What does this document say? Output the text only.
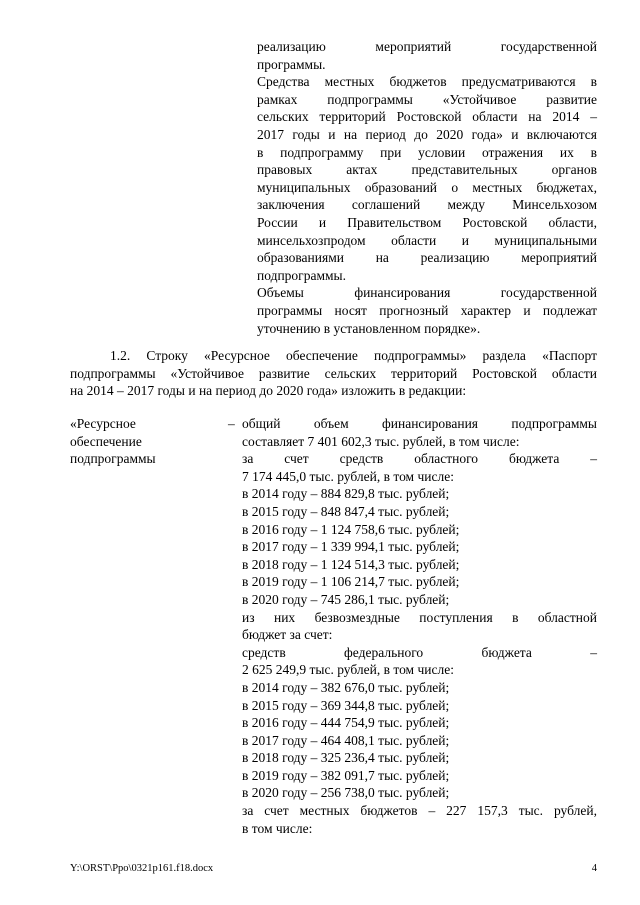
реализацию мероприятий государственной
программы.
Средства местных бюджетов предусматриваются в
рамках подпрограммы «Устойчивое развитие
сельских территорий Ростовской области на 2014 –
2017 годы и на период до 2020 года» и включаются
в подпрограмму при условии отражения их в
правовых актах представительных органов
муниципальных образований о местных бюджетах,
заключения соглашений между Минсельхозом
России и Правительством Ростовской области,
минсельхозпродом области и муниципальными
образованиями на реализацию мероприятий
подпрограммы.
Объемы финансирования государственной
программы носят прогнозный характер и подлежат
уточнению в установленном порядке».
1.2. Строку «Ресурсное обеспечение подпрограммы» раздела «Паспорт
подпрограммы «Устойчивое развитие сельских территорий Ростовской области
на 2014 – 2017 годы и на период до 2020 года» изложить в редакции:
«Ресурсное	–
обеспечение
подпрограммы
общий объем финансирования подпрограммы
составляет 7 401 602,3 тыс. рублей, в том числе:
за счет средств областного бюджета –
7 174 445,0 тыс. рублей, в том числе:
в 2014 году – 884 829,8 тыс. рублей;
в 2015 году – 848 847,4 тыс. рублей;
в 2016 году – 1 124 758,6 тыс. рублей;
в 2017 году – 1 339 994,1 тыс. рублей;
в 2018 году – 1 124 514,3 тыс. рублей;
в 2019 году – 1 106 214,7 тыс. рублей;
в 2020 году – 745 286,1 тыс. рублей;
из них безвозмездные поступления в областной
бюджет за счет:
средств федерального бюджета –
2 625 249,9 тыс. рублей, в том числе:
в 2014 году – 382 676,0 тыс. рублей;
в 2015 году – 369 344,8 тыс. рублей;
в 2016 году – 444 754,9 тыс. рублей;
в 2017 году – 464 408,1 тыс. рублей;
в 2018 году – 325 236,4 тыс. рублей;
в 2019 году – 382 091,7 тыс. рублей;
в 2020 году – 256 738,0 тыс. рублей;
за счет местных бюджетов – 227 157,3 тыс. рублей,
в том числе:
Y:\ORST\Ppo\0321p161.f18.docx	4
